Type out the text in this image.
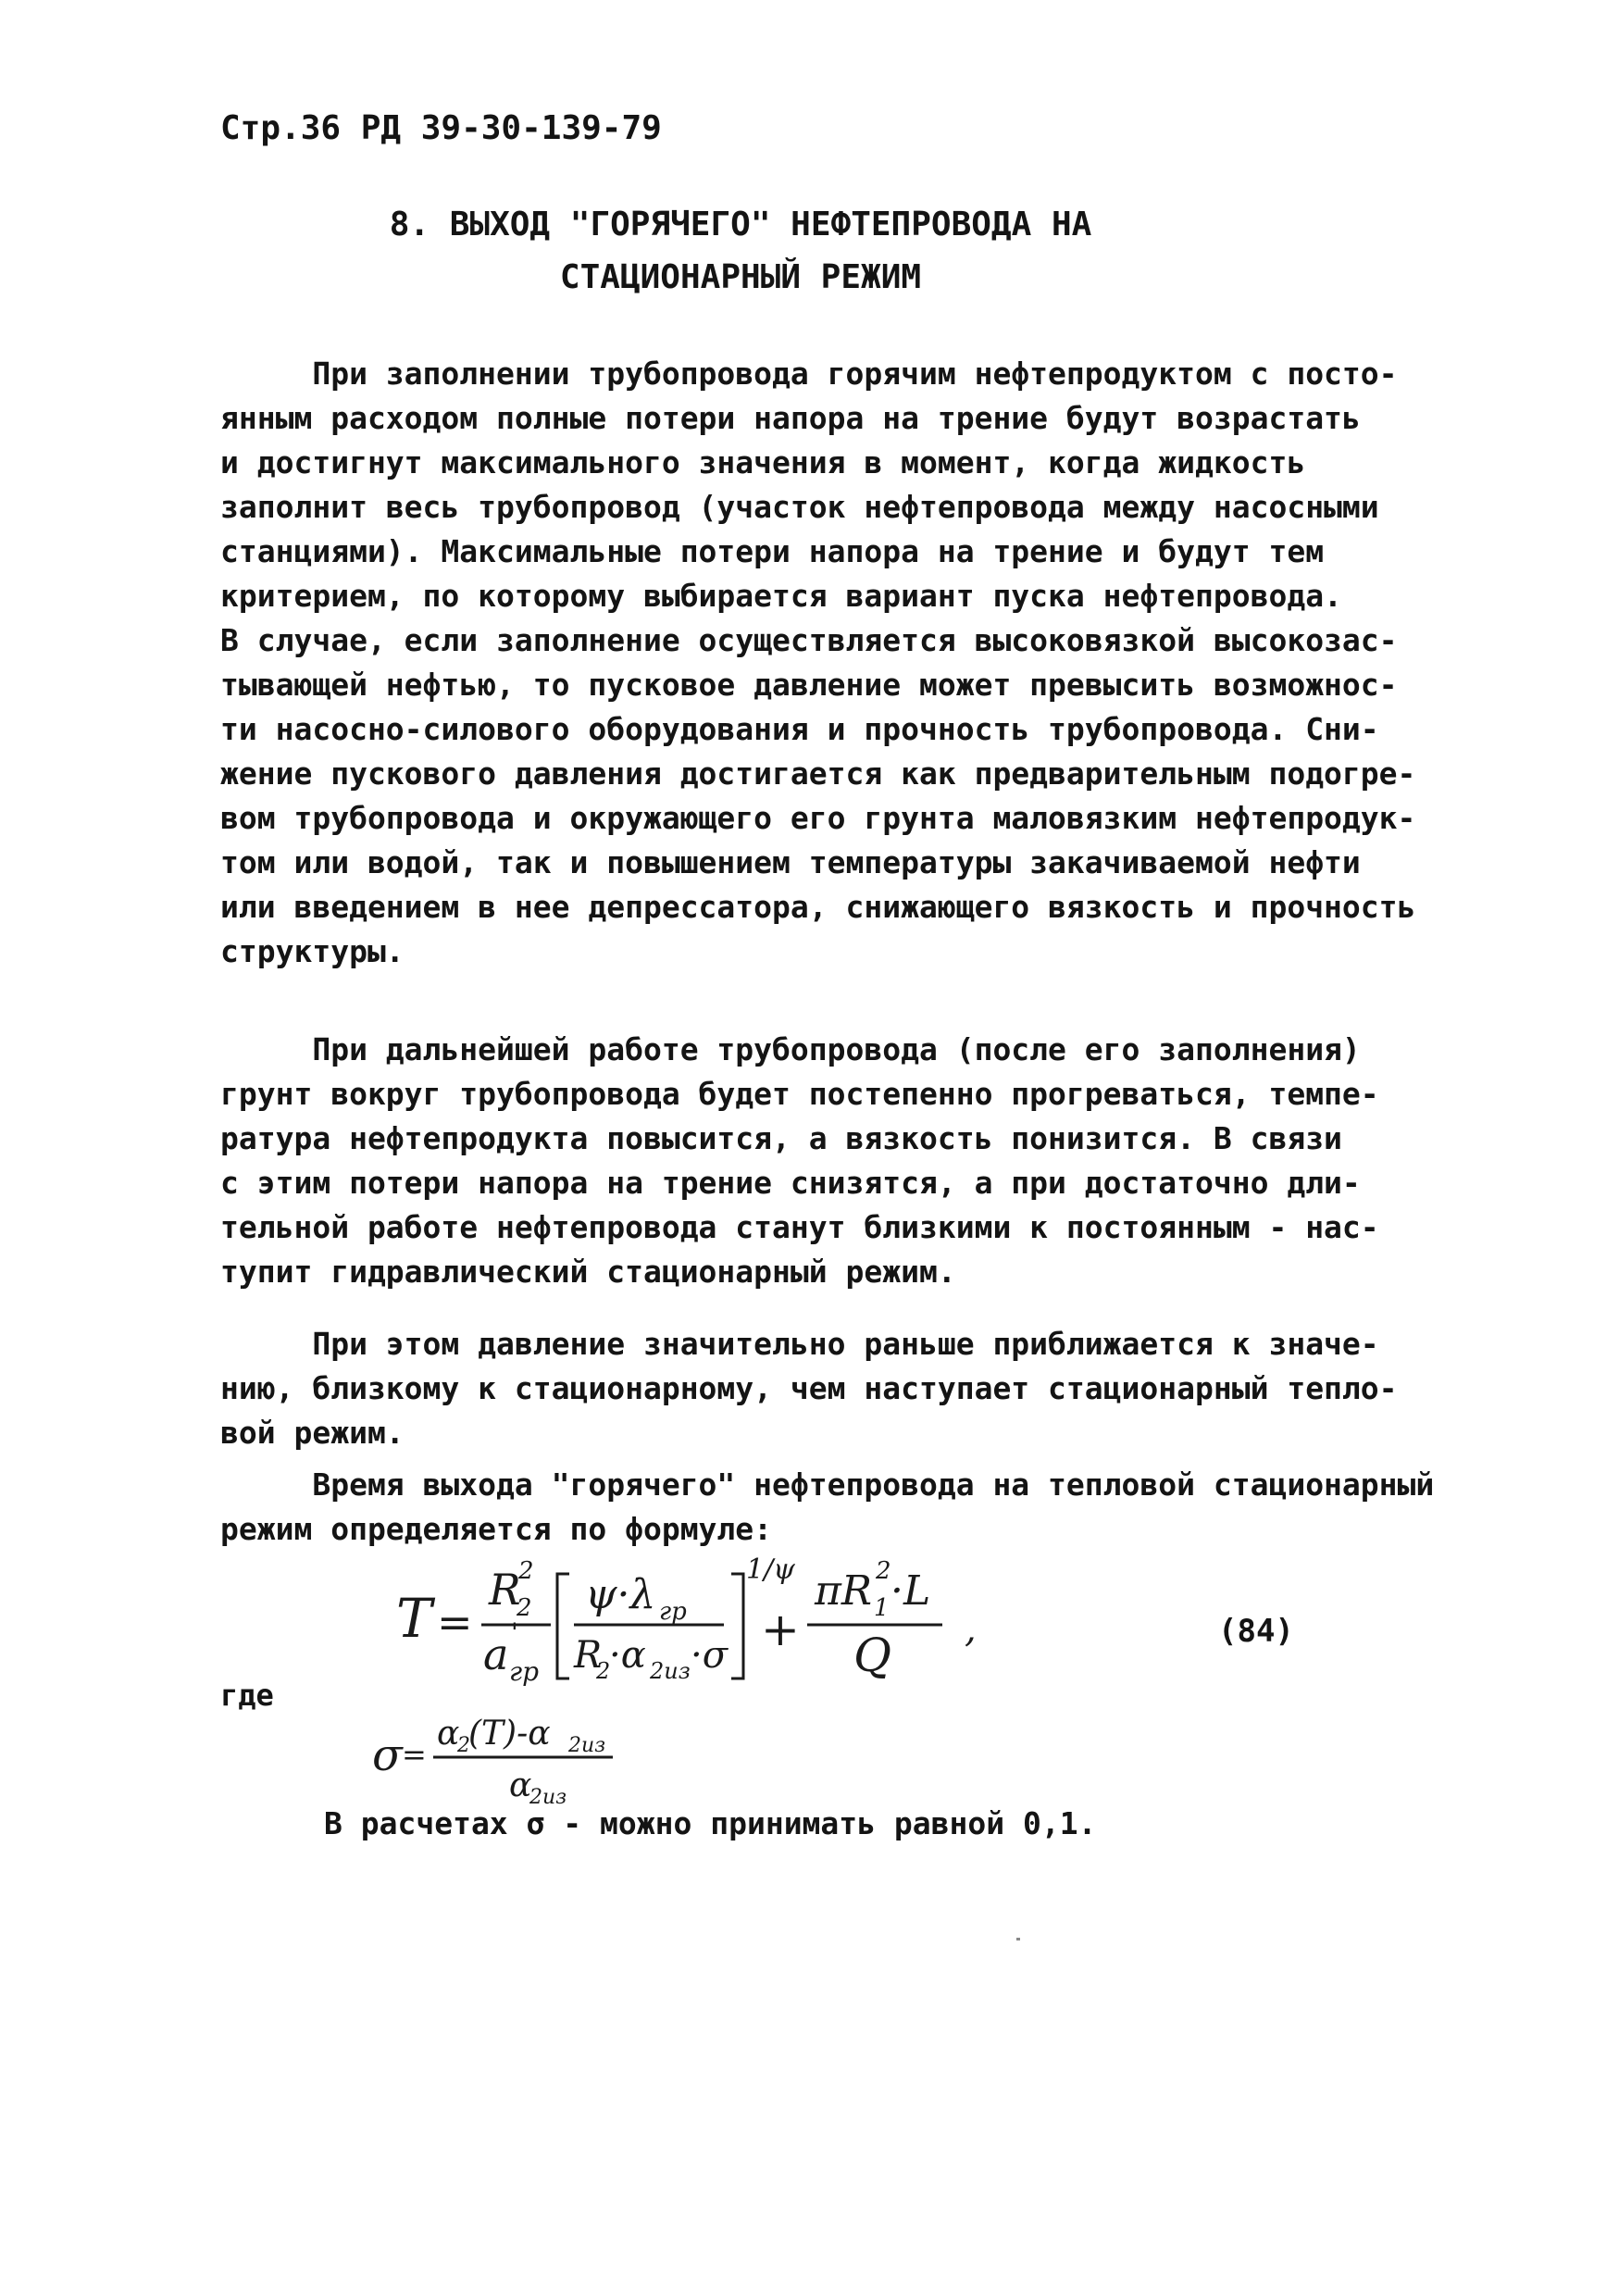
Стр.36 РД 39-30-139-79
8. ВЫХОД "ГОРЯЧЕГО" НЕФТЕПРОВОДА НА
СТАЦИОНАРНЫЙ РЕЖИМ
При заполнении трубопровода горячим нефтепродуктом с посто-
янным расходом полные потери напора на трение будут возрастать
и достигнут максимального значения в момент, когда жидкость
заполнит весь трубопровод (участок нефтепровода между насосными
станциями). Максимальные потери напора на трение и будут тем
критерием, по которому выбирается вариант пуска нефтепровода.
В случае, если заполнение осуществляется высоковязкой высокозас-
тывающей нефтью, то пусковое давление может превысить возможнос-
ти насосно-силового оборудования и прочность трубопровода. Сни-
жение пускового давления достигается как предварительным подогре-
вом трубопровода и окружающего его грунта маловязким нефтепродук-
том или водой, так и повышением температуры закачиваемой нефти
или введением в нее депрессатора, снижающего вязкость и прочность
структуры.
При дальнейшей работе трубопровода (после его заполнения)
грунт вокруг трубопровода будет постепенно прогреваться, темпе-
ратура нефтепродукта повысится, а вязкость понизится. В связи
с этим потери напора на трение снизятся, а при достаточно дли-
тельной работе нефтепровода станут близкими к постоянным - нас-
тупит гидравлический стационарный режим.
При этом давление значительно раньше приближается к значе-
нию, близкому к стационарному, чем наступает стационарный тепло-
вой режим.
Время выхода "горячего" нефтепровода на тепловой стационарный
режим определяется по формуле:
T =
R
2
2
a '
гр
ψ·λ гр
R
2
·α 2из ·σ
1/ψ
+
πR 2
1 ·L
Q ,	(84)
где
σ =
α
2
(T)-α 2из
α
2из
В расчетах σ - можно принимать равной 0,1.
